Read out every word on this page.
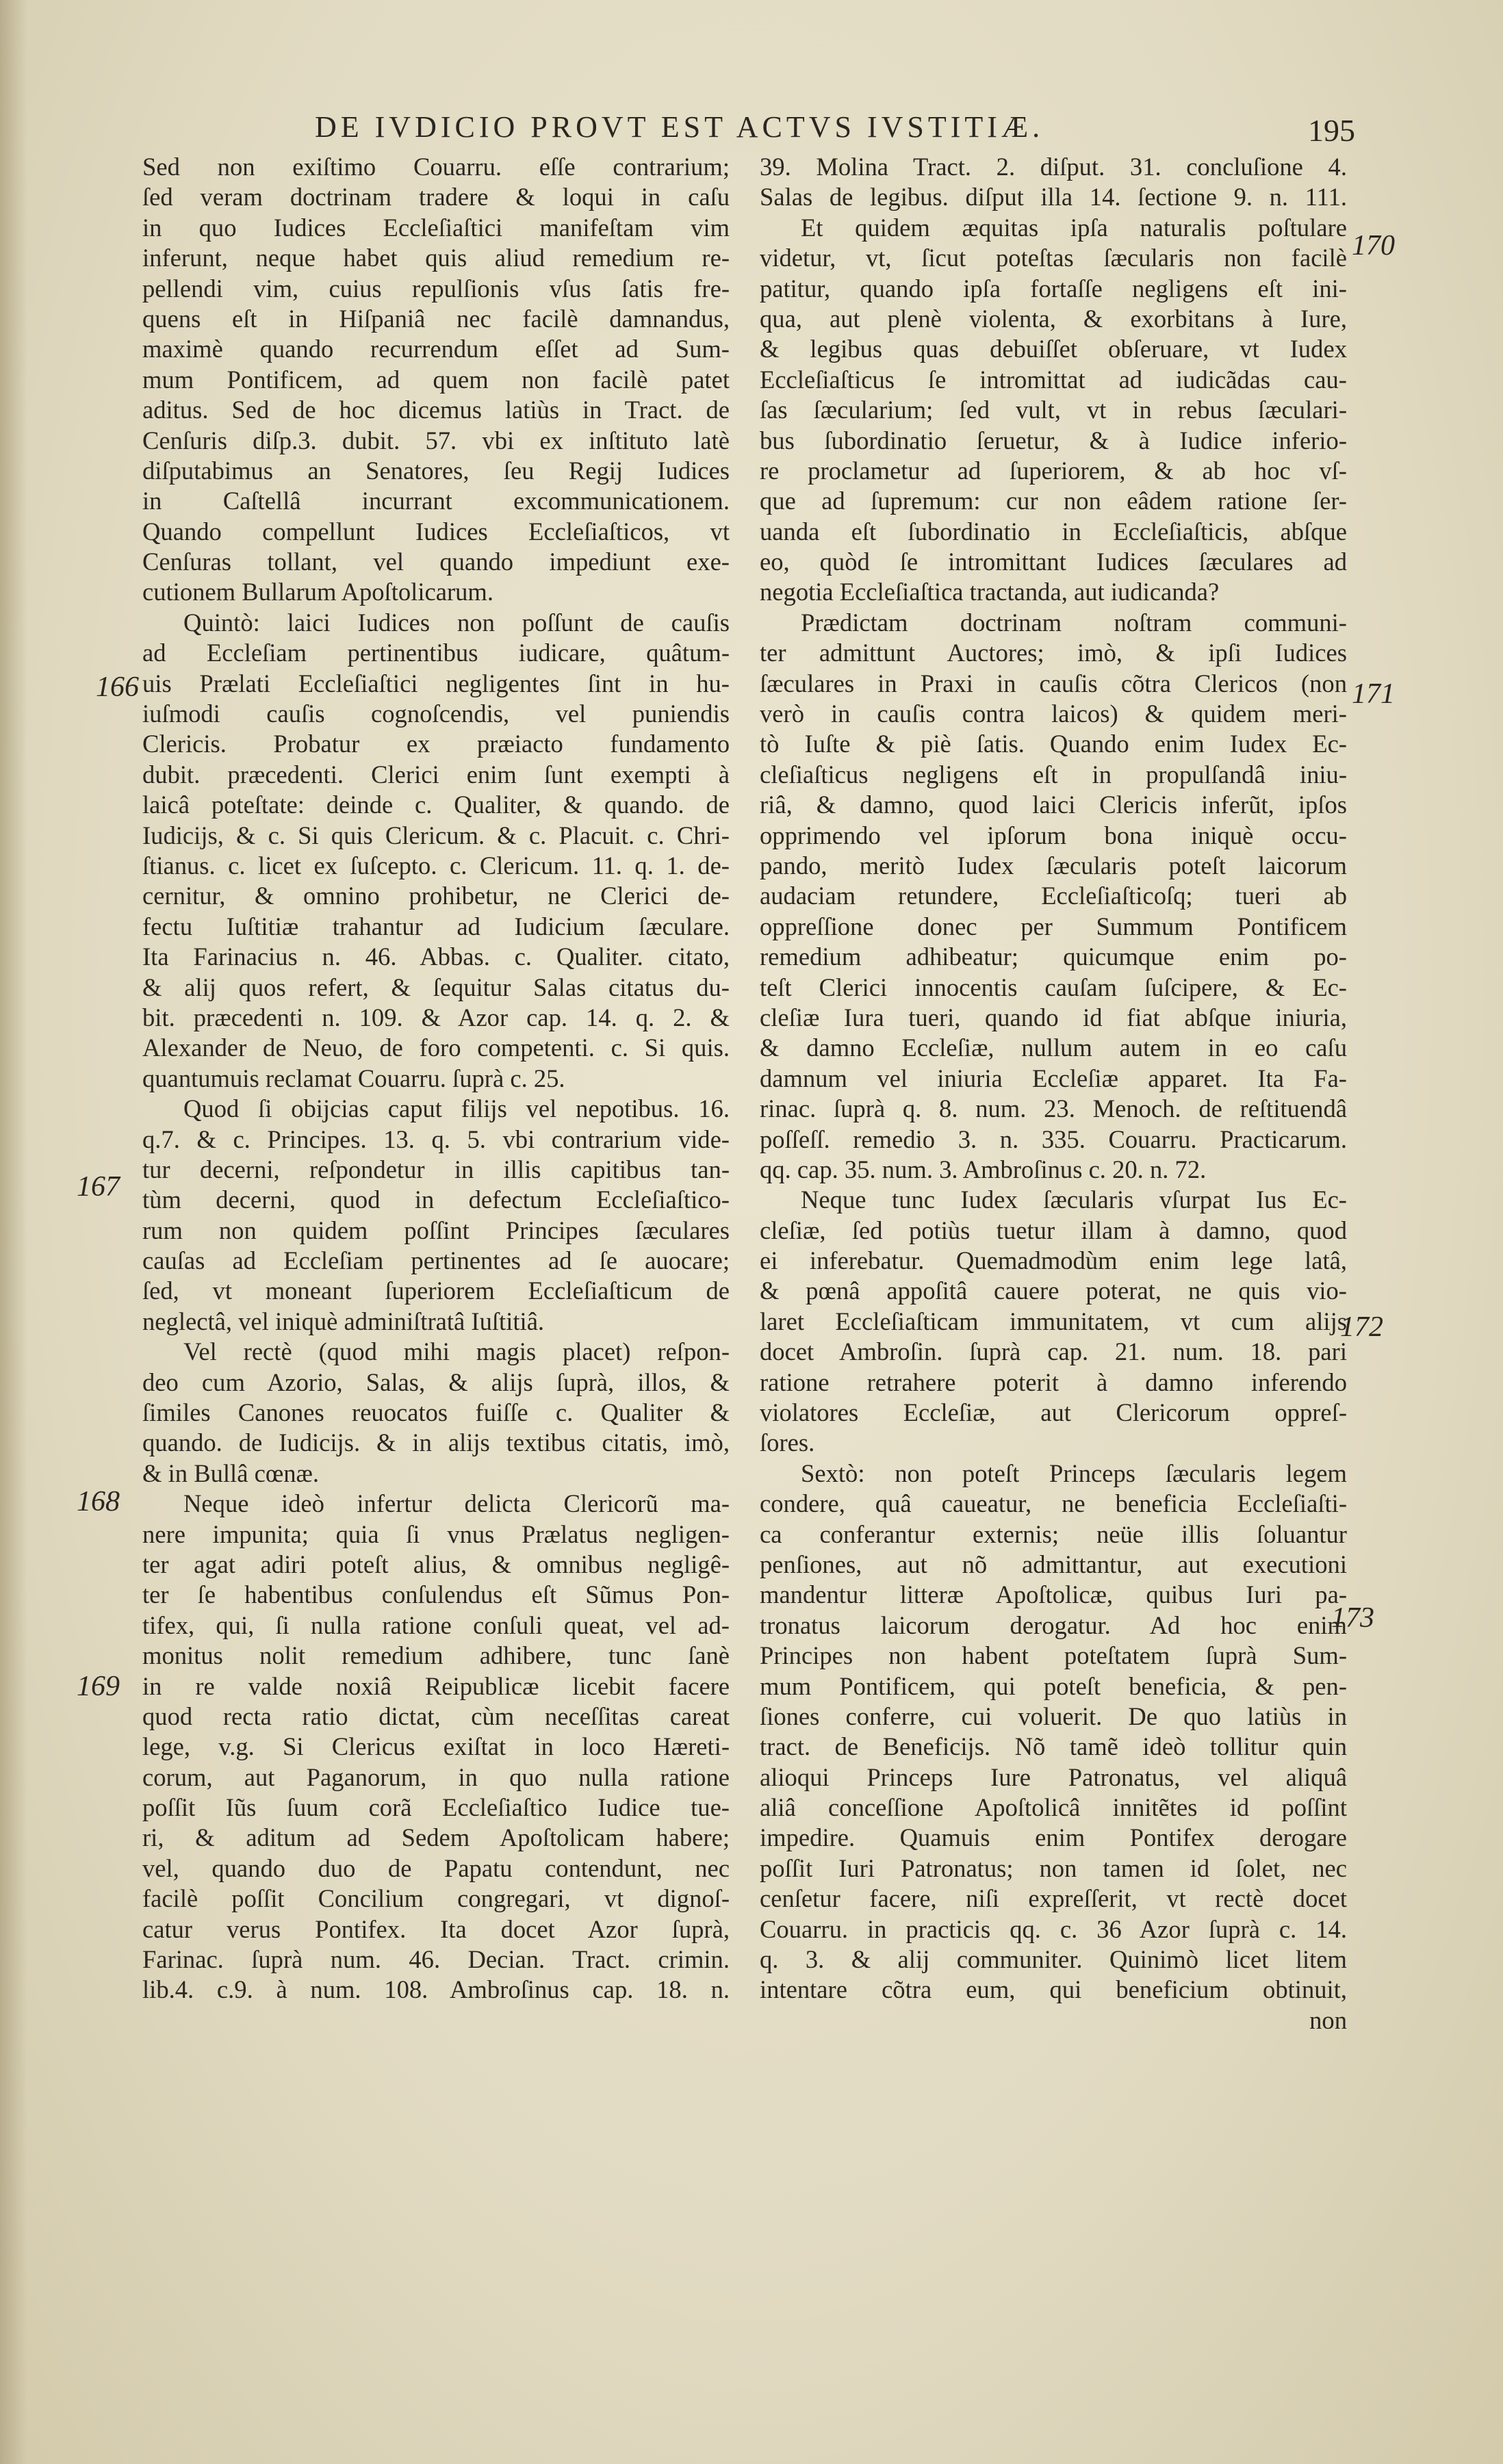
DE IVDICIO PROVT EST ACTVS IVSTITIÆ.	195
Sed non exiſtimo Couarru. eſſe contrarium;
ſed veram doctrinam tradere & loqui in caſu
in quo Iudices Eccleſiaſtici manifeſtam vim
inferunt, neque habet quis aliud remedium re-
pellendi vim, cuius repulſionis vſus ſatis fre-
quens eſt in Hiſpaniâ nec facilè damnandus,
maximè quando recurrendum eſſet ad Sum-
mum Pontificem, ad quem non facilè patet
aditus. Sed de hoc dicemus latiùs in Tract. de
Cenſuris diſp.3. dubit. 57. vbi ex inſtituto latè
diſputabimus an Senatores, ſeu Regij Iudices
in Caſtellâ incurrant excommunicationem.
Quando compellunt Iudices Eccleſiaſticos, vt
Cenſuras tollant, vel quando impediunt exe-
cutionem Bullarum Apoſtolicarum.
Quintò: laici Iudices non poſſunt de cauſis
ad Eccleſiam pertinentibus iudicare, quâtum-
uis Prælati Eccleſiaſtici negligentes ſint in hu-
iuſmodi cauſis cognoſcendis, vel puniendis
Clericis. Probatur ex præiacto fundamento
dubit. præcedenti. Clerici enim ſunt exempti à
laicâ poteſtate: deinde c. Qualiter, & quando. de
Iudicijs, & c. Si quis Clericum. & c. Placuit. c. Chri-
ſtianus. c. licet ex ſuſcepto. c. Clericum. 11. q. 1. de-
cernitur, & omnino prohibetur, ne Clerici de-
fectu Iuſtitiæ trahantur ad Iudicium ſæculare.
Ita Farinacius n. 46. Abbas. c. Qualiter. citato,
& alij quos refert, & ſequitur Salas citatus du-
bit. præcedenti n. 109. & Azor cap. 14. q. 2. &
Alexander de Neuo, de foro competenti. c. Si quis.
quantumuis reclamat Couarru. ſuprà c. 25.
Quod ſi obijcias caput filijs vel nepotibus. 16.
q.7. & c. Principes. 13. q. 5. vbi contrarium vide-
tur decerni, reſpondetur in illis capitibus tan-
tùm decerni, quod in defectum Eccleſiaſtico-
rum non quidem poſſint Principes ſæculares
cauſas ad Eccleſiam pertinentes ad ſe auocare;
ſed, vt moneant ſuperiorem Eccleſiaſticum de
neglectâ, vel iniquè adminiſtratâ Iuſtitiâ.
Vel rectè (quod mihi magis placet) reſpon-
deo cum Azorio, Salas, & alijs ſuprà, illos, &
ſimiles Canones reuocatos fuiſſe c. Qualiter &
quando. de Iudicijs. & in alijs textibus citatis, imò,
& in Bullâ cœnæ.
Neque ideò infertur delicta Clericorũ ma-
nere impunita; quia ſi vnus Prælatus negligen-
ter agat adiri poteſt alius, & omnibus negligê-
ter ſe habentibus conſulendus eſt Sũmus Pon-
tifex, qui, ſi nulla ratione conſuli queat, vel ad-
monitus nolit remedium adhibere, tunc ſanè
in re valde noxiâ Reipublicæ licebit facere
quod recta ratio dictat, cùm neceſſitas careat
lege, v.g. Si Clericus exiſtat in loco Hæreti-
corum, aut Paganorum, in quo nulla ratione
poſſit Iũs ſuum corã Eccleſiaſtico Iudice tue-
ri, & aditum ad Sedem Apoſtolicam habere;
vel, quando duo de Papatu contendunt, nec
facilè poſſit Concilium congregari, vt dignoſ-
catur verus Pontifex. Ita docet Azor ſuprà,
Farinac. ſuprà num. 46. Decian. Tract. crimin.
lib.4. c.9. à num. 108. Ambroſinus cap. 18. n.
39. Molina Tract. 2. diſput. 31. concluſione 4.
Salas de legibus. diſput illa 14. ſectione 9. n. 111.
Et quidem æquitas ipſa naturalis poſtulare
videtur, vt, ſicut poteſtas ſæcularis non facilè
patitur, quando ipſa fortaſſe negligens eſt ini-
qua, aut plenè violenta, & exorbitans à Iure,
& legibus quas debuiſſet obſeruare, vt Iudex
Eccleſiaſticus ſe intromittat ad iudicãdas cau-
ſas ſæcularium; ſed vult, vt in rebus ſæculari-
bus ſubordinatio ſeruetur, & à Iudice inferio-
re proclametur ad ſuperiorem, & ab hoc vſ-
que ad ſupremum: cur non eâdem ratione ſer-
uanda eſt ſubordinatio in Eccleſiaſticis, abſque
eo, quòd ſe intromittant Iudices ſæculares ad
negotia Eccleſiaſtica tractanda, aut iudicanda?
Prædictam doctrinam noſtram communi-
ter admittunt Auctores; imò, & ipſi Iudices
ſæculares in Praxi in cauſis cõtra Clericos (non
verò in cauſis contra laicos) & quidem meri-
tò Iuſte & piè ſatis. Quando enim Iudex Ec-
cleſiaſticus negligens eſt in propulſandâ iniu-
riâ, & damno, quod laici Clericis inferũt, ipſos
opprimendo vel ipſorum bona iniquè occu-
pando, meritò Iudex ſæcularis poteſt laicorum
audaciam retundere, Eccleſiaſticoſq; tueri ab
oppreſſione donec per Summum Pontificem
remedium adhibeatur; quicumque enim po-
teſt Clerici innocentis cauſam ſuſcipere, & Ec-
cleſiæ Iura tueri, quando id fiat abſque iniuria,
& damno Eccleſiæ, nullum autem in eo caſu
damnum vel iniuria Eccleſiæ apparet. Ita Fa-
rinac. ſuprà q. 8. num. 23. Menoch. de reſtituendâ
poſſeſſ. remedio 3. n. 335. Couarru. Practicarum.
qq. cap. 35. num. 3. Ambroſinus c. 20. n. 72.
Neque tunc Iudex ſæcularis vſurpat Ius Ec-
cleſiæ, ſed potiùs tuetur illam à damno, quod
ei inferebatur. Quemadmodùm enim lege latâ,
& pœnâ appoſitâ cauere poterat, ne quis vio-
laret Eccleſiaſticam immunitatem, vt cum alijs
docet Ambroſin. ſuprà cap. 21. num. 18. pari
ratione retrahere poterit à damno inferendo
violatores Eccleſiæ, aut Clericorum oppreſ-
ſores.
Sextò: non poteſt Princeps ſæcularis legem
condere, quâ caueatur, ne beneficia Eccleſiaſti-
ca conferantur externis; neüe illis ſoluantur
penſiones, aut nõ admittantur, aut executioni
mandentur litteræ Apoſtolicæ, quibus Iuri pa-
tronatus laicorum derogatur. Ad hoc enim
Principes non habent poteſtatem ſuprà Sum-
mum Pontificem, qui poteſt beneficia, & pen-
ſiones conferre, cui voluerit. De quo latiùs in
tract. de Beneficijs. Nõ tamẽ ideò tollitur quin
alioqui Princeps Iure Patronatus, vel aliquâ
aliâ conceſſione Apoſtolicâ innitẽtes id poſſint
impedire. Quamuis enim Pontifex derogare
poſſit Iuri Patronatus; non tamen id ſolet, nec
cenſetur facere, niſi expreſſerit, vt rectè docet
Couarru. in practicis qq. c. 36 Azor ſuprà c. 14.
q. 3. & alij communiter. Quinimò licet litem
intentare cõtra eum, qui beneficium obtinuit,
non
166
167
168
169
170
171
172
173
